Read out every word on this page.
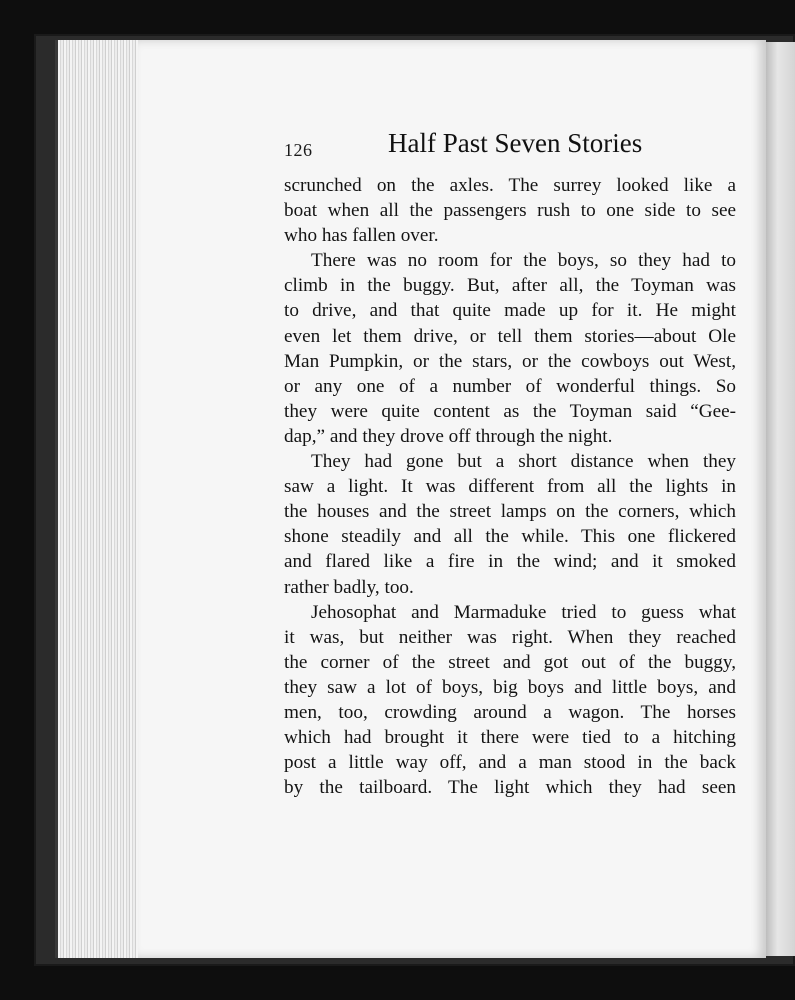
126	Half Past Seven Stories
scrunched on the axles. The surrey looked like a
boat when all the passengers rush to one side to see
who has fallen over.
There was no room for the boys, so they had to
climb in the buggy. But, after all, the Toyman was
to drive, and that quite made up for it. He might
even let them drive, or tell them stories—about Ole
Man Pumpkin, or the stars, or the cowboys out West,
or any one of a number of wonderful things. So
they were quite content as the Toyman said “Gee-
dap,” and they drove off through the night.
They had gone but a short distance when they
saw a light. It was different from all the lights in
the houses and the street lamps on the corners, which
shone steadily and all the while. This one flickered
and flared like a fire in the wind; and it smoked
rather badly, too.
Jehosophat and Marmaduke tried to guess what
it was, but neither was right. When they reached
the corner of the street and got out of the buggy,
they saw a lot of boys, big boys and little boys, and
men, too, crowding around a wagon. The horses
which had brought it there were tied to a hitching
post a little way off, and a man stood in the back
by the tailboard. The light which they had seen
